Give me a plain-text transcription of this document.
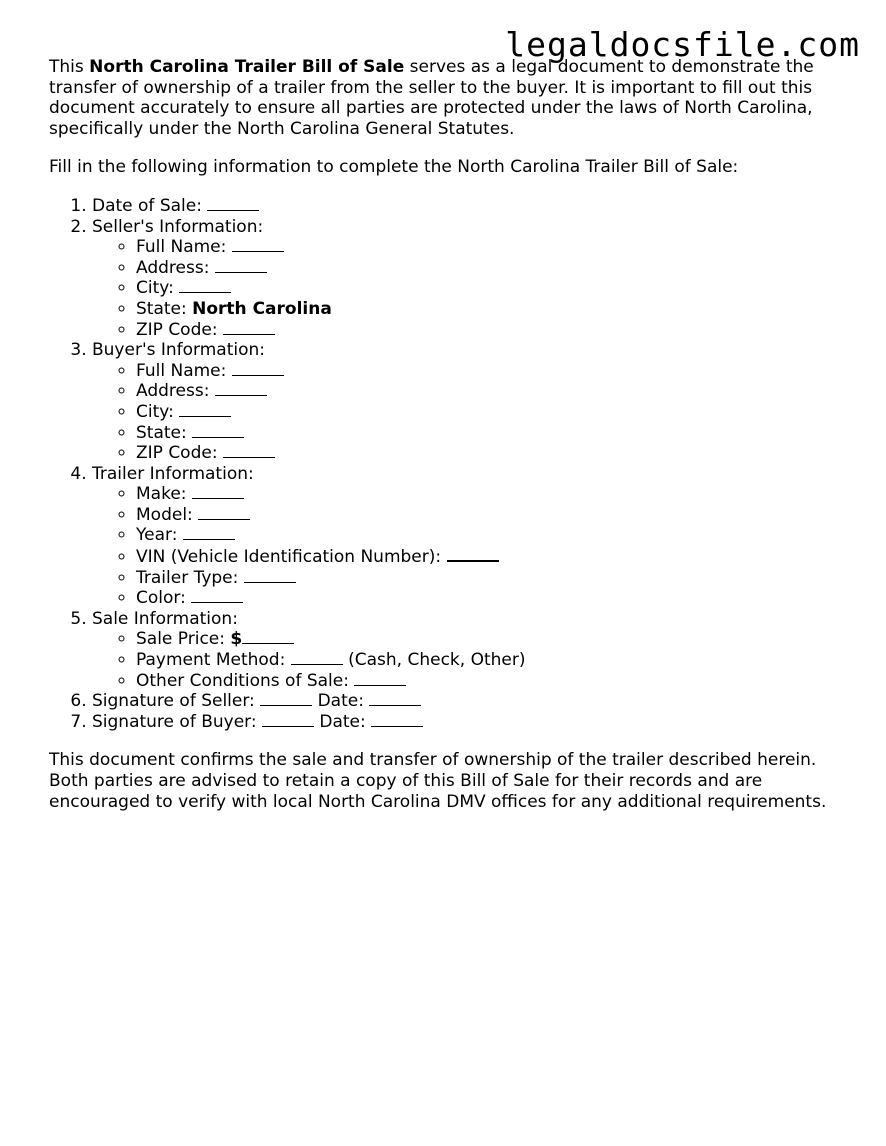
legaldocsfile.com

This North Carolina Trailer Bill of Sale serves as a legal document to demonstrate the transfer of ownership of a trailer from the seller to the buyer. It is important to fill out this document accurately to ensure all parties are protected under the laws of North Carolina, specifically under the North Carolina General Statutes.

Fill in the following information to complete the North Carolina Trailer Bill of Sale:

1. Date of Sale:
2. Seller's Information:
◦ Full Name:
◦ Address:
◦ City:
◦ State: North Carolina
◦ ZIP Code:
3. Buyer's Information:
◦ Full Name:
◦ Address:
◦ City:
◦ State:
◦ ZIP Code:
4. Trailer Information:
◦ Make:
◦ Model:
◦ Year:
◦ VIN (Vehicle Identification Number):
◦ Trailer Type:
◦ Color:
5. Sale Information:
◦ Sale Price: $
◦ Payment Method:	(Cash, Check, Other)
◦ Other Conditions of Sale:
6. Signature of Seller:	Date:
7. Signature of Buyer:	Date:

This document confirms the sale and transfer of ownership of the trailer described herein. Both parties are advised to retain a copy of this Bill of Sale for their records and are encouraged to verify with local North Carolina DMV offices for any additional requirements.
